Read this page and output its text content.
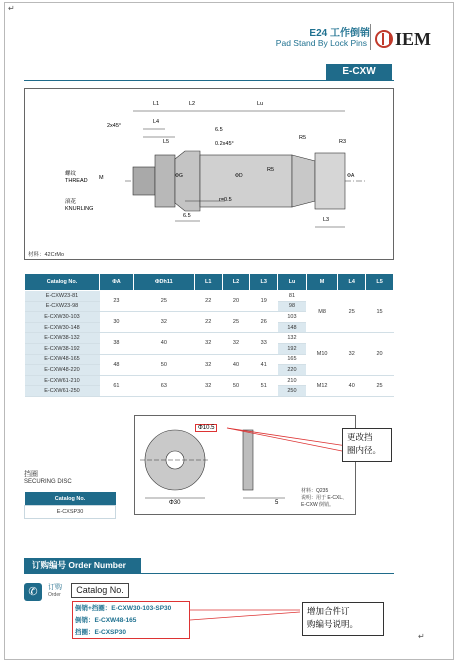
↵
↵
E24 工作倒销
Pad Stand By Lock Pins IEM
E-CXW
L1	L2	Lu
L4
L5
2x45°
6.5
0.2x45°
R5
R3
R5
M
螺纹
THREAD
滚花
KNURLING
ΦG	ΦD	ΦA
r=0.5
6.5
L3
材料：42CrMo
Catalog No.	ΦA	ΦDh11	L1	L2	L3	Lu	M	L4	L5
E-CXW23-81	23	25	22	20	19	81	M8	25	15
E-CXW23-98						98			
E-CXW30-103	30	32	22	25	26	103			
E-CXW30-148						148			
E-CXW38-132	38	40	32	32	33	132	M10	32	20
E-CXW38-192						192			
E-CXW48-165	48	50	32	40	41	165			
E-CXW48-220						220			
E-CXW61-210	61	63	32	50	51	210	M12	40	25
E-CXW61-250						250			
Φ10.5
Φ30	5
材料：Q235
说明：用于 E-CXL、
E-CXW 倒销。
更改挡
圈内径。
挡圈
SECURING DISC
Catalog No.
E-CXSP30
订购编号 Order Number
✆	订购
Order	Catalog No.
倒销+挡圈：E-CXW30-103-SP30
倒销：E-CXW48-165
挡圈：E-CXSP30
增加合件订
购编号说明。
